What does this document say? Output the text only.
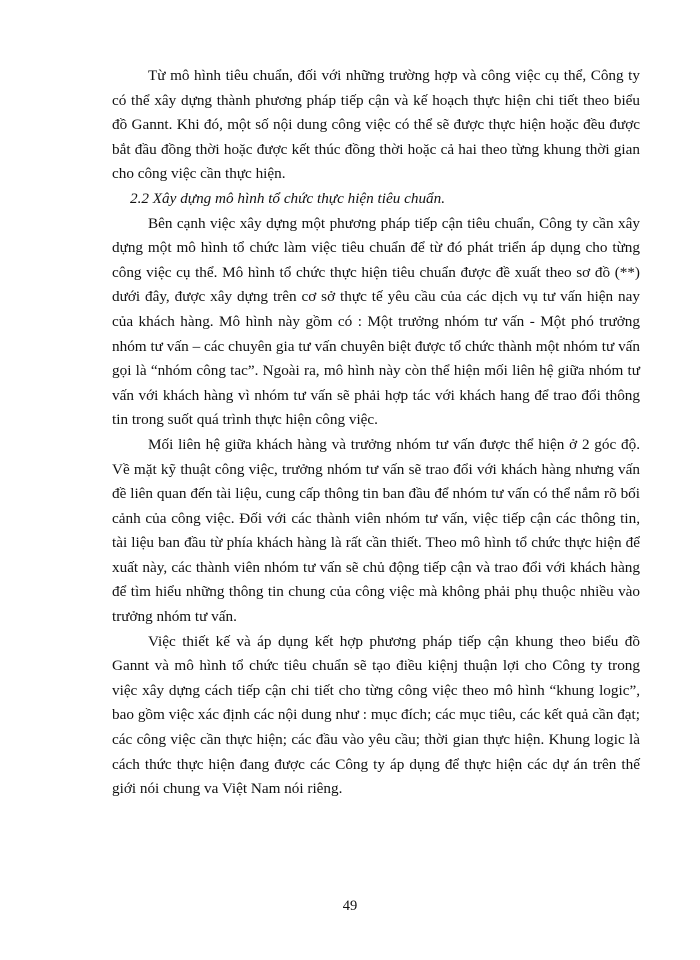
Từ mô hình tiêu chuẩn, đối với những trường hợp và công việc cụ thể, Công ty có thể xây dựng thành phương pháp tiếp cận và kế hoạch thực hiện chi tiết theo biểu đồ Gannt. Khi đó, một số nội dung công việc có thể sẽ được thực hiện hoặc đều được bắt đầu đồng thời hoặc được kết thúc đồng thời hoặc cả hai theo từng khung thời gian cho công việc cần thực hiện.

2.2 Xây dựng mô hình tổ chức thực hiện tiêu chuẩn.

Bên cạnh việc xây dựng một phương pháp tiếp cận tiêu chuẩn, Công ty cần xây dựng một mô hình tổ chức làm việc tiêu chuẩn để từ đó phát triển áp dụng cho từng công việc cụ thể. Mô hình tổ chức thực hiện tiêu chuẩn được đề xuất theo sơ đồ (**) dưới đây, được xây dựng trên cơ sở thực tế yêu cầu của các dịch vụ tư vấn hiện nay của khách hàng. Mô hình này gồm có : Một trưởng nhóm tư vấn - Một phó trưởng nhóm tư vấn – các chuyên gia tư vấn chuyên biệt được tổ chức thành một nhóm tư vấn gọi là “nhóm công tac”. Ngoài ra, mô hình này còn thể hiện mối liên hệ giữa nhóm tư vấn với khách hàng vì nhóm tư vấn sẽ phải hợp tác với khách hang để trao đổi thông tin trong suốt quá trình thực hiện công việc.

Mối liên hệ giữa khách hàng và trưởng nhóm tư vấn được thể hiện ở 2 góc độ. Về mặt kỹ thuật công việc, trưởng nhóm tư vấn sẽ trao đổi với khách hàng nhưng vấn đề liên quan đến tài liệu, cung cấp thông tin ban đầu để nhóm tư vấn có thể nắm rõ bối cảnh của công việc. Đối với các thành viên nhóm tư vấn, việc tiếp cận các thông tin, tài liệu ban đầu từ phía khách hàng là rất cần thiết. Theo mô hình tổ chức thực hiện để xuất này, các thành viên nhóm tư vấn sẽ chủ động tiếp cận và trao đổi với khách hàng để tìm hiểu những thông tin chung của công việc mà không phải phụ thuộc nhiều vào trưởng nhóm tư vấn.

Việc thiết kế và áp dụng kết hợp phương pháp tiếp cận khung theo biểu đồ Gannt và mô hình tổ chức tiêu chuẩn sẽ tạo điều kiệnj thuận lợi cho Công ty trong việc xây dựng cách tiếp cận chi tiết cho từng công việc theo mô hình “khung logic”, bao gồm việc xác định các nội dung như : mục đích; các mục tiêu, các kết quả cần đạt; các công việc cần thực hiện; các đầu vào yêu cầu; thời gian thực hiện. Khung logic là cách thức thực hiện đang được các Công ty áp dụng để thực hiện các dự án trên thế giới nói chung va Việt Nam nói riêng.

49
